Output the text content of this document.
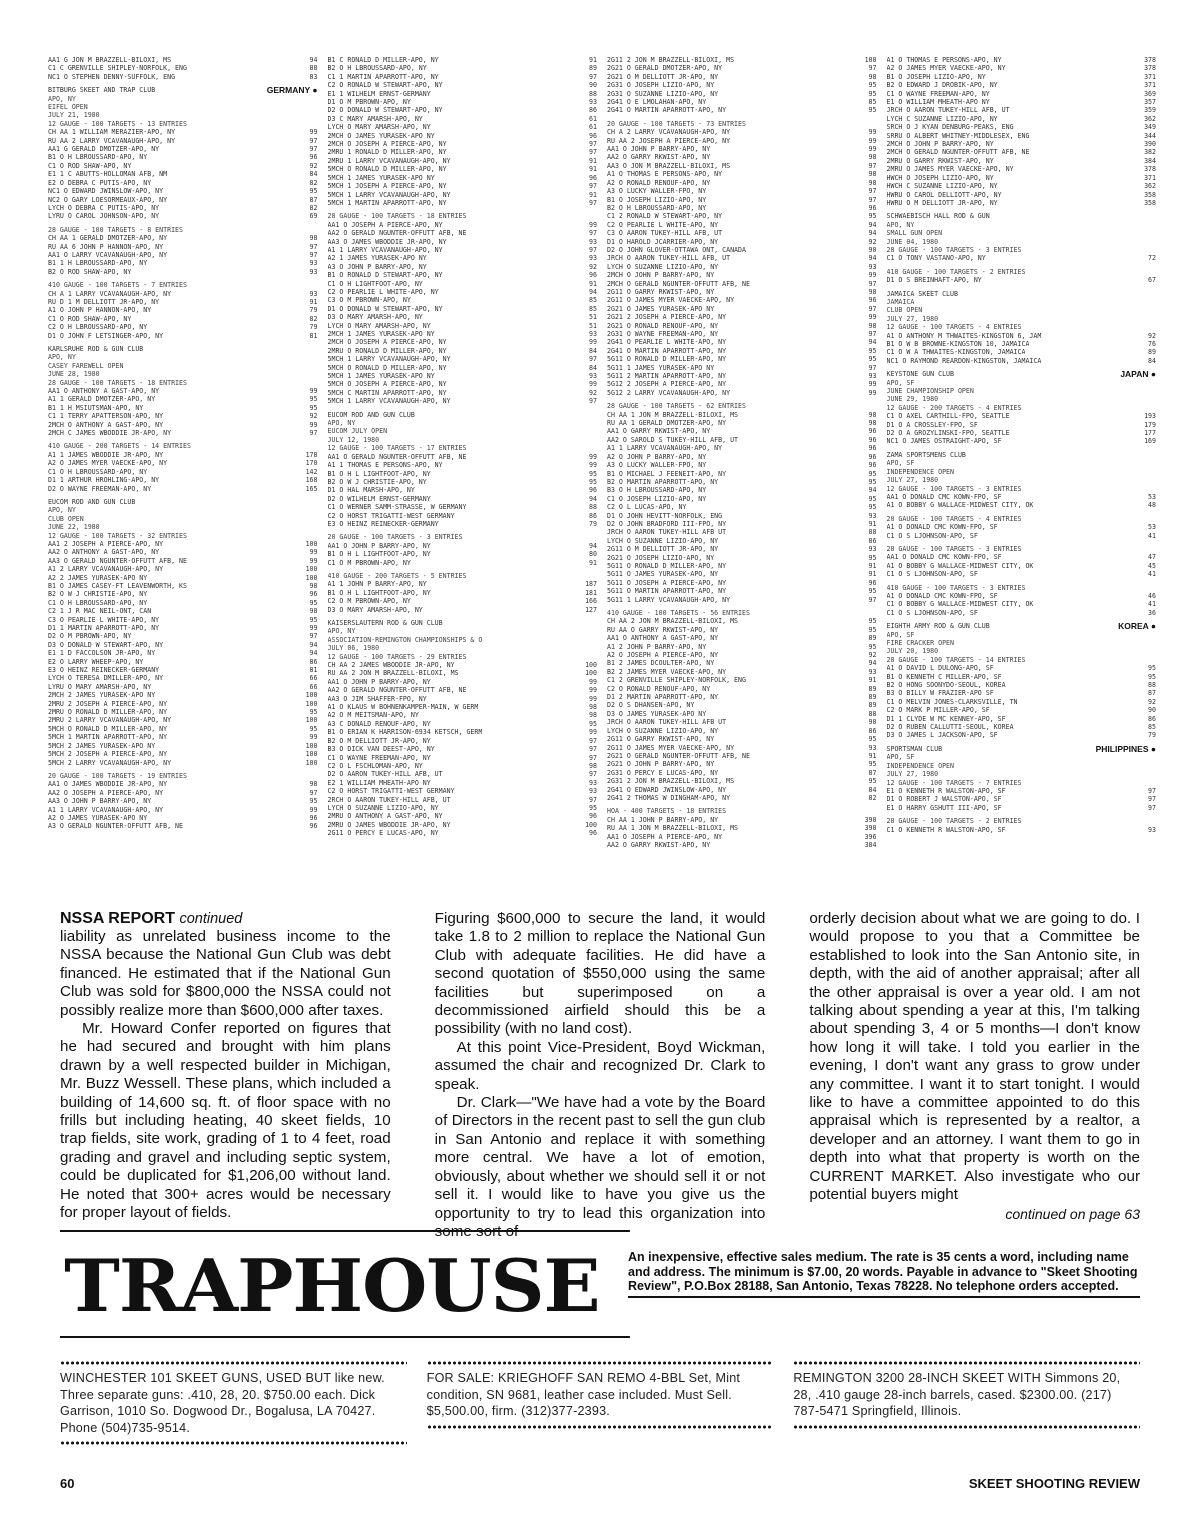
AA1 G JON M BRAZZELL-BILOXI, MS	94
C1 C GRENVILLE SHIPLEY-NORFOLK, ENG	88
NC1 O STEPHEN DENNY-SUFFOLK, ENG	83
BITBURG SKEET AND TRAP CLUB	GERMANY ●
APO, NY
EIFEL OPEN
JULY 21, 1980
12 GAUGE - 100 TARGETS - 13 ENTRIES
CH AA 1 WILLIAM MERAZIER-APO, NY	99
RU AA 2 LARRY VCAVANAUGH-APO, NY	97
AA1 G GERALD DMOTZER-APO, NY	97
B1 O H LBROUSSARD-APO, NY	96
C1 O ROD SHAW-APO, NY	92
E1 1 C ABUTTS-HOLLOMAN AFB, NM	84
E2 O DEBRA C PUTIS-APO, NY	82
NC1 O EDWARD JWINSLOW-APO, NY	95
NC2 O GARY LOESORMEAUX-APO, NY	87
LYCH O DEBRA C PUTIS-APO, NY	82
LYRU O CAROL JOHNSON-APO, NY	69
28 GAUGE - 100 TARGETS - 8 ENTRIES
CH AA 1 GERALD DMOTZER-APO, NY	98
RU AA 6 JOHN P HANNON-APO, NY	97
AA1 O LARRY VCAVANAUGH-APO, NY	97
B1 1 H LBROUSSARD-APO, NY	93
B2 O ROD SHAW-APO, NY	93
410 GAUGE - 100 TARGETS - 7 ENTRIES
CH A 1 LARRY VCAVANAUGH-APO, NY	93
RU D 1 M DELLIOTT JR-APO, NY	91
A1 O JOHN P HANNON-APO, NY	79
C1 O ROD SHAW-APO, NY	82
C2 O H LBROUSSARD-APO, NY	79
D1 O JOHN F LETSINGER-APO, NY	81
KARLSRUHE ROD & GUN CLUB
APO, NY
CASEY FAREWELL OPEN
JUNE 28, 1980
28 GAUGE - 100 TARGETS - 18 ENTRIES
AA1 O ANTHONY A GAST-APO, NY	99
A1 1 GERALD DMOTZER-APO, NY	95
B1 1 H MSIUTSMAN-APO, NY	95
C1 1 TERRY APATTERSON-APO, NY	92
2MCH O ANTHONY A GAST-APO, NY	99
2MCH C JAMES WBODDIE JR-APO, NY	97
410 GAUGE - 200 TARGETS - 14 ENTRIES
A1 1 JAMES WBODDIE JR-APO, NY	178
A2 O JAMES MYER VAECKE-APO, NY	170
C1 O H LBROUSSARD-APO, NY	142
D1 1 ARTHUR HROHLING-APO, NY	168
D2 O WAYNE FREEMAN-APO, NY	165
EUCOM ROD AND GUN CLUB
APO, NY
CLUB OPEN
JUNE 22, 1980
12 GAUGE - 100 TARGETS - 32 ENTRIES
AA1 2 JOSEPH A PIERCE-APO, NY	100
AA2 O ANTHONY A GAST-APO, NY	99
AA3 O GERALD NGUNTER-OFFUTT AFB, NE	99
A1 2 LARRY VCAVANAUGH-APO, NY	100
A2 2 JAMES YURASEK-APO NY	100
B1 O JAMES CASEY-FT LEAVENWORTH, KS	98
B2 O W J CHRISTIE-APO, NY	96
C1 O H LBROUSSARD-APO, NY	95
C2 1 J R MAC NEIL-ONT, CAN	98
C3 O PEARLIE L WHITE-APO, NY	95
D1 1 MARTIN APARROTT-APO, NY	99
D2 O M PBROWN-APO, NY	97
D3 O DONALD W STEWART-APO, NY	94
E1 1 D FACCOLSON JR-APO, NY	94
E2 O LARRY WHEEP-APO, NY	86
E3 O HEINZ REINECKER-GERMANY	81
LYCH O TERESA DMILLER-APO, NY	66
LYRU O MARY AMARSH-APO, NY	66
2MCH 2 JAMES YURASEK-APO NY	100
2MRU 2 JOSEPH A PIERCE-APO, NY	100
2MRU O RONALD D MILLER-APO, NY	95
2MRU 2 LARRY VCAVANAUGH-APO, NY	100
5MCH O RONALD D MILLER-APO, NY	95
5MCH 1 MARTIN APARROTT-APO, NY	99
5MCH 2 JAMES YURASEK-APO NY	100
5MCH 2 JOSEPH A PIERCE-APO, NY	100
5MCH 2 LARRY VCAVANAUGH-APO, NY	100
20 GAUGE - 100 TARGETS - 19 ENTRIES
AA1 O JAMES WBODDIE JR-APO, NY	98
AA2 O JOSEPH A PIERCE-APO, NY	97
AA3 O JOHN P BARRY-APO, NY	95
A1 1 LARRY VCAVANAUGH-APO, NY	99
A2 O JAMES YURASEK-APO NY	96
A3 O GERALD NGUNTER-OFFUTT AFB, NE	96
B1 C RONALD D MILLER-APO, NY	91
B2 O H LBROUSSARD-APO, NY	89
C1 1 MARTIN APARROTT-APO, NY	97
C2 O RONALD W STEWART-APO, NY	90
E1 1 WILHELM ERNST-GERMANY	88
D1 O M PBROWN-APO, NY	93
D2 O DONALD W STEWART-APO, NY	86
D3 C MARY AMARSH-APO, NY	61
LYCH O MARY AMARSH-APO, NY	61
2MCH O JAMES YURASEK-APO NY	96
2MCH O JOSEPH A PIERCE-APO, NY	97
2MRU 1 RONALD D MILLER-APO, NY	97
2MRU 1 LARRY VCAVANAUGH-APO, NY	91
5MCH O RONALD D MILLER-APO, NY	91
5MCH 1 JAMES YURASEK-APO NY	96
5MCH 1 JOSEPH A PIERCE-APO, NY	97
5MCH 1 LARRY VCAVANAUGH-APO, NY	91
5MCH 1 MARTIN APARROTT-APO, NY	97
28 GAUGE - 100 TARGETS - 18 ENTRIES
AA1 O JOSEPH A PIERCE-APO, NY	99
AA2 O GERALD NGUNTER-OFFUTT AFB, NE	97
AA3 O JAMES WBODDIE JR-APO, NY	93
A1 1 LARRY VCAVANAUGH-APO, NY	97
A2 1 JAMES YURASEK-APO NY	93
A3 O JOHN P BARRY-APO, NY	92
B1 O RONALD D STEWART-APO, NY	96
C1 O H LIGHTFOOT-APO, NY	91
C2 O PEARLIE L WHITE-APO, NY	94
C3 O M PBROWN-APO, NY	85
D1 O DONALD W STEWART-APO, NY	85
D3 O MARY AMARSH-APO, NY	51
LYCH O MARY AMARSH-APO, NY	51
2MCH 1 JAMES YURASEK-APO NY	93
2MCH O JOSEPH A PIERCE-APO, NY	99
2MRU O RONALD D MILLER-APO, NY	84
5MCH 1 LARRY VCAVANAUGH-APO, NY	97
5MCH O RONALD D MILLER-APO, NY	84
5MCH 1 JAMES YURASEK-APO NY	93
5MCH O JOSEPH A PIERCE-APO, NY	99
5MCH C MARTIN APARROTT-APO, NY	92
5MCH 1 LARRY VCAVANAUGH-APO, NY	97
EUCOM ROD AND GUN CLUB
APO, NY
EUCOM JULY OPEN
JULY 12, 1980
12 GAUGE - 100 TARGETS - 17 ENTRIES
AA1 O GERALD NGUNTER-OFFUTT AFB, NE	99
A1 1 THOMAS E PERSONS-APO, NY	99
B1 O H L LIGHTFOOT-APO, NY	95
B2 O W J CHRISTIE-APO, NY	95
D1 O HAL MARSH-APO, NY	96
D2 O WILHELM ERNST-GERMANY	94
C1 O WERNER SAMM-STRASSE, W GERMANY	88
C2 O HORST TRIGATTI-WEST GERMANY	86
E3 O HEINZ REINECKER-GERMANY	79
20 GAUGE - 100 TARGETS - 3 ENTRIES
AA1 O JOHN P BARRY-APO, NY	94
B1 O H L LIGHTFOOT-APO, NY	80
C1 O M PBROWN-APO, NY	91
410 GAUGE - 200 TARGETS - 5 ENTRIES
A1 1 JOHN P BARRY-APO, NY	187
B1 O H L LIGHTFOOT-APO, NY	181
C2 O M PBROWN-APO, NY	166
D3 O MARY AMARSH-APO, NY	127
KAISERSLAUTERN ROD & GUN CLUB
APO, NY
ASSOCIATION-REMINGTON CHAMPIONSHIPS & O
JULY 06, 1980
12 GAUGE - 100 TARGETS - 29 ENTRIES
CH AA 2 JAMES WBODDIE JR-APO, NY	100
RU AA 2 JON M BRAZZELL-BILOXI, MS	100
AA1 O JOHN P BARRY-APO, NY	99
AA2 O GERALD NGUNTER-OFFUTT AFB, NE	99
AA3 O JIM SHAFFER-FPO, NY	99
A1 O KLAUS W BOHNENKAMPER-MAIN, W GERM	98
A2 O M MEITSMAN-APO, NY	98
A3 C DONALD RENOUF-APO, NY	95
B1 O ERIAN K HARRISON-6934 KETSCH, GERM	99
B2 O M DELLIOTT JR-APO, NY	97
B3 O DICK VAN DEEST-APO, NY	97
C1 O WAYNE FREEMAN-APO, NY	97
C2 O L FSCHLOMAN-APO, NY	98
D2 O AARON TUKEY-HILL AFB, UT	97
E2 1 WILLIAM MHEATH-APO NY	93
C2 O HORST TRIGATTI-WEST GERMANY	93
2RCH O AARON TUKEY-HILL AFB, UT	97
LYCH O SUZANNE LIZIO-APO, NY	95
2MRU O ANTHONY A GAST-APO, NY	96
2MRU O JAMES WBODDIE JR-APO, NY	100
2G11 O PERCY E LUCAS-APO, NY	96
2G11 2 JON M BRAZZELL-BILOXI, MS	100
2G21 O GERALD DMOTZER-APO, NY	97
2G21 O M DELLIOTT JR-APO, NY	98
2G31 O JOSEPH LIZIO-APO, NY	95
2G31 O SUZANNE LIZIO-APO, NY	95
2G41 O E LMOLAHAN-APO, NY	85
2G41 O MARTIN APARROTT-APO, NY	95
20 GAUGE - 100 TARGETS - 73 ENTRIES
CH A 2 LARRY VCAVANAUGH-APO, NY	99
RU AA 2 JOSEPH A PIERCE-APO, NY	99
AA1 O JOHN P BARRY-APO, NY	99
AA2 O GARRY RKWIST-APO, NY	98
AA3 O JON M BRAZZELL-BILOXI, MS	97
A1 O THOMAS E PERSONS-APO, NY	98
A2 O RONALD RENOUF-APO, NY	98
A3 O LUCKY WALLER-FPO, NY	97
B1 O JOSEPH LIZIO-APO, NY	97
B2 O H LBROUSSARD-APO, NY	96
C1 2 RONALD W STEWART-APO, NY	95
C2 O PEARLIE L WHITE-APO, NY	94
C3 O AARON TUKEY-HILL AFB, UT	94
D1 O HAROLD JCARRIER-APO, NY	92
D2 O JOHN GLOVER-OTTAWA ONT, CANADA	90
JRCH O AARON TUKEY-HILL AFB, UT	94
LYCH O SUZANNE LIZIO-APO, NY	93
2MCH O JOHN P BARRY-APO, NY	99
2MCH O GERALD NGUNTER-OFFUTT AFB, NE	97
2G11 O GARRY RKWIST-APO, NY	98
2G11 O JAMES MYER VAECKE-APO, NY	96
2G21 O JAMES YURASEK-APO NY	97
2G21 2 JOSEPH A PIERCE-APO, NY	99
2G21 O RONALD RENOUF-APO, NY	98
2G31 O WAYNE FREEMAN-APO, NY	97
2G41 O PEARLIE L WHITE-APO, NY	94
2G41 O MARTIN APARROTT-APO, NY	95
5G11 O RONALD D MILLER-APO, NY	95
5G11 1 JAMES YURASEK-APO NY	97
5G11 2 MARTIN APARROTT-APO, NY	93
5G12 2 JOSEPH A PIERCE-APO, NY	99
5G12 2 LARRY VCAVANAUGH-APO, NY	99
28 GAUGE - 100 TARGETS - 62 ENTRIES
CH AA 1 JON M BRAZZELL-BILOXI, MS	98
RU AA 1 GERALD DMOTZER-APO, NY	98
AA1 O GARRY RKWIST-APO, NY	96
AA2 O SAROLD S TUKEY-HILL AFB, UT	96
A1 1 LARRY VCAVANAUGH-APO, NY	96
A2 O JOHN P BARRY-APO, NY	96
A3 O LUCKY WALLER-FPO, NY	96
B1 O MICHAEL J FEENEIT-APO, NY	95
B2 O MARTIN APARROTT-APO, NY	95
B3 O H LBROUSSARD-APO, NY	94
C1 O JOSEPH LIZIO-APO, NY	95
C2 O L LUCAS-APO, NY	95
D1 O JOHN HEVITT-NORFOLK, ENG	93
D2 O JOHN BRADFORD III-FPO, NY	91
JRCH O AARON TUKEY-HILL AFB UT	88
LYCH O SUZANNE LIZIO-APO, NY	86
2G11 O M DELLIOTT JR-APO, NY	93
2G21 O JOSEPH LIZIO-APO, NY	95
5G11 O RONALD D MILLER-APO, NY	91
5G11 O JAMES YURASEK-APO, NY	91
5G11 O JOSEPH A PIERCE-APO, NY	96
5G11 O MARTIN APARROTT-APO, NY	95
5G11 1 LARRY VCAVANAUGH-APO, NY	97
410 GAUGE - 100 TARGETS - 56 ENTRIES
CH AA 2 JON M BRAZZELL-BILOXI, MS	95
RU AA O GARRY RKWIST-APO, NY	95
AA1 O ANTHONY A GAST-APO, NY	89
A1 2 JOHN P BARRY-APO, NY	95
A2 O JOSEPH A PIERCE-APO, NY	92
B1 2 JAMES DCOULTER-APO, NY	94
B2 2 JAMES MYER VAECKE-APO, NY	93
C1 2 GRENVILLE SHIPLEY-NORFOLK, ENG	91
C2 O RONALD RENOUF-APO, NY	89
D1 2 MARTIN APARROTT-APO, NY	89
D2 O S DHANSEN-APO, NY	89
D3 O JAMES YURASEK-APO NY	88
JRCH O AARON TUKEY-HILL AFB UT	90
LYCH O SUZANNE LIZIO-APO, NY	86
2G11 O GARRY RKWIST-APO, NY	95
2G11 O JAMES MYER VAECKE-APO, NY	93
2G21 O GERALD NGUNTER-OFFUTT AFB, NE	91
2G21 O JOHN P BARRY-APO, NY	95
2G31 O PERCY E LUCAS-APO, NY	87
2G31 2 JON M BRAZZELL-BILOXI, MS	95
2G41 O EDWARD JWINSLOW-APO, NY	84
2G41 2 THOMAS W DINGHAM-APO, NY	82
HOA - 400 TARGETS - 18 ENTRIES
CH AA 1 JOHN P BARRY-APO, NY	390
RU AA 1 JON M BRAZZELL-BILOXI, MS	390
AA1 O JOSEPH A PIERCE-APO, NY	396
AA2 O GARRY RKWIST-APO, NY	384
A1 O THOMAS E PERSONS-APO, NY	378
A2 O JAMES MYER VAECKE-APO, NY	378
B1 O JOSEPH LIZIO-APO, NY	371
B2 O EDWARD J DROBIK-APO, NY	371
C1 O WAYNE FREEMAN-APO, NY	369
E1 O WILLIAM MHEATH-APO NY	357
JRCH O AARON TUKEY-HILL AFB, UT	359
LYCH C SUZANNE LIZIO-APO, NY	362
SRCH O J KYAN DENBURG-PEAKS, ENG	349
SRRU O ALBERT WHITNEY-MIDDLESEX, ENG	344
2MCH O JOHN P BARRY-APO, NY	390
2MCH O GERALD NGUNTER-OFFUTT AFB, NE	382
2MRU O GARRY RKWIST-APO, NY	384
2MRU O JAMES MYER VAECKE-APO, NY	378
HWCH O JOSEPH LIZIO-APO, NY	371
HWCH C SUZANNE LIZIO-APO, NY	362
HWRU O CAROL DELLIOTT-APO, NY	358
HWRU O M DELLIOTT JR-APO, NY	358
SCHWAEBISCH HALL ROD & GUN
APO, NY
SMALL GUN OPEN
JUNE 04, 1980
28 GAUGE - 100 TARGETS - 3 ENTRIES
C1 O TONY VASTANO-APO, NY	72
410 GAUGE - 100 TARGETS - 2 ENTRIES
D1 O S BREINHAFT-APO, NY	67
JAMAICA SKEET CLUB
JAMAICA
CLUB OPEN
JULY 27, 1980
12 GAUGE - 100 TARGETS - 4 ENTRIES
A1 O ANTHONY M THWAITES-KINGSTON 6, JAM	92
B1 O W B BROWNE-KINGSTON 10, JAMAICA	76
C1 O W A THWAITES-KINGSTON, JAMAICA	89
NC1 O RAYMOND REARDON-KINGSTON, JAMAICA	84
KEYSTONE GUN CLUB	JAPAN ●
APO, SF
JUNE CHAMPIONSHIP OPEN
JUNE 29, 1980
12 GAUGE - 200 TARGETS - 4 ENTRIES
C1 O AXEL CARTHILL-FPO, SEATTLE	193
D1 O A CROSSLEY-FPO, SF	179
D2 O A GROZYLINSKI-FPO, SEATTLE	177
NC1 O JAMES OSTRAIGHT-APO, SF	169
ZAMA SPORTSMENS CLUB
APO, SF
INDEPENDENCE OPEN
JULY 27, 1980
12 GAUGE - 100 TARGETS - 3 ENTRIES
AA1 O DONALD CMC KOWN-FPO, SF	53
A1 O BOBBY G WALLACE-MIDWEST CITY, OK	48
20 GAUGE - 100 TARGETS - 4 ENTRIES
A1 O DONALD CMC KOWN-FPO, SF	53
C1 O S LJOHNSON-APO, SF	41
28 GAUGE - 100 TARGETS - 3 ENTRIES
AA1 O DONALD CMC KOWN-FPO, SF	47
A1 O BOBBY G WALLACE-MIDWEST CITY, OK	45
C1 O S LJOHNSON-APO, SF	41
410 GAUGE - 100 TARGETS - 3 ENTRIES
A1 O DONALD CMC KOWN-FPO, SF	46
C1 O BOBBY G WALLACE-MIDWEST CITY, OK	41
C1 O S LJOHNSON-APO, SF	36
EIGHTH ARMY ROD & GUN CLUB	KOREA ●
APO, SF
FIRE CRACKER OPEN
JULY 20, 1980
28 GAUGE - 100 TARGETS - 14 ENTRIES
A1 O DAVID L DULONG-APO, SF	95
B1 O KENNETH C MILLER-APO, SF	95
B2 O HONG SOONYDO-SEOUL, KOREA	88
B3 O BILLY W FRAZIER-APO SF	87
C1 O MELVIN JONES-CLARKSVILLE, TN	92
C2 O MARK P MILLER-APO, SF	90
D1 1 CLYDE W MC KENNEY-APO, SF	86
D2 O RUBEN CALLUTTI-SEOUL, KOREA	85
D3 O JAMES L JACKSON-APO, SF	79
SPORTSMAN CLUB	PHILIPPINES ●
APO, SF
INDEPENDENCE OPEN
JULY 27, 1980
12 GAUGE - 100 TARGETS - 7 ENTRIES
E1 O KENNETH R WALSTON-APO, SF	97
D1 O ROBERT J WALSTON-APO, SF	97
E1 O HARRY GSHUTT III-APO, SF	97
28 GAUGE - 100 TARGETS - 2 ENTRIES
C1 O KENNETH R WALSTON-APO, SF	93
NSSA REPORT continued

liability as unrelated business income to the NSSA because the National Gun Club was debt financed. He estimated that if the National Gun Club was sold for $800,000 the NSSA could not possibly realize more than $600,000 after taxes.

Mr. Howard Confer reported on figures that he had secured and brought with him plans drawn by a well respected builder in Michigan, Mr. Buzz Wessell. These plans, which included a building of 14,600 sq. ft. of floor space with no frills but including heating, 40 skeet fields, 10 trap fields, site work, grading of 1 to 4 feet, road grading and gravel and including septic system, could be duplicated for $1,206,00 without land. He noted that 300+ acres would be necessary for proper layout of fields.

Figuring $600,000 to secure the land, it would take 1.8 to 2 million to replace the National Gun Club with adequate facilities. He did have a second quotation of $550,000 using the same facilities but superimposed on a decommissioned airfield should this be a possibility (with no land cost).

At this point Vice-President, Boyd Wickman, assumed the chair and recognized Dr. Clark to speak.

Dr. Clark—"We have had a vote by the Board of Directors in the recent past to sell the gun club in San Antonio and replace it with something more central. We have a lot of emotion, obviously, about whether we should sell it or not sell it. I would like to have you give us the opportunity to try to lead this organization into some sort of

orderly decision about what we are going to do. I would propose to you that a Committee be established to look into the San Antonio site, in depth, with the aid of another appraisal; after all the other appraisal is over a year old. I am not talking about spending a year at this, I'm talking about spending 3, 4 or 5 months—I don't know how long it will take. I told you earlier in the evening, I don't want any grass to grow under any committee. I want it to start tonight. I would like to have a committee appointed to do this appraisal which is represented by a realtor, a developer and an attorney. I want them to go in depth into what that property is worth on the CURRENT MARKET. Also investigate who our potential buyers might

continued on page 63
TRAPHOUSE	An inexpensive, effective sales medium. The rate is 35 cents a word, including name and address. The minimum is $7.00, 20 words. Payable in advance to "Skeet Shooting Review", P.O.Box 28188, San Antonio, Texas 78228. No telephone orders accepted.
WINCHESTER 101 SKEET GUNS, USED BUT like new. Three separate guns: .410, 28, 20. $750.00 each. Dick Garrison, 1010 So. Dogwood Dr., Bogalusa, LA 70427. Phone (504)735-9514.
FOR SALE: KRIEGHOFF SAN REMO 4-BBL Set, Mint condition, SN 9681, leather case included. Must Sell. $5,500.00, firm. (312)377-2393.
REMINGTON 3200 28-INCH SKEET WITH Simmons 20, 28, .410 gauge 28-inch barrels, cased. $2300.00. (217) 787-5471 Springfield, Illinois.
60	SKEET SHOOTING REVIEW
